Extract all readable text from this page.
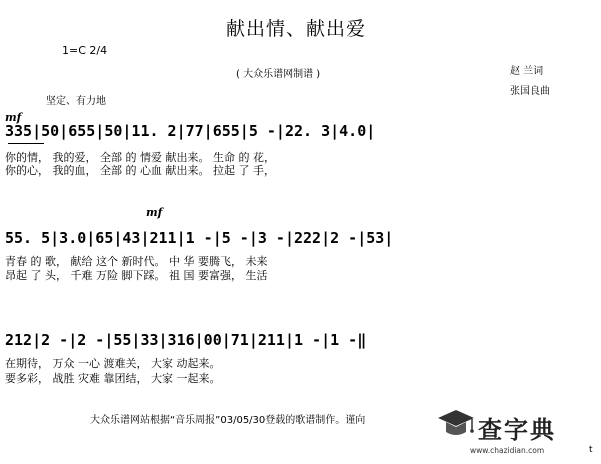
献出情、献出爱
1=C 2/4
( 大众乐谱网制谱 )	赵 兰词
张国良曲
坚定、有力地
mf
335|50|655|50|11. 2|77|655|5 -|22. 3|4.0|
你的情， 我的爱， 全部 的 情爱 献出来。 生命 的 花，
你的心， 我的血， 全部 的 心血 献出来。 拉起 了 手，
mf
55. 5|3.0|65|43|211|1 -|5 -|3 -|222|2 -|53|
青春 的 歌， 献给 这个 新时代。 中 华 要腾飞， 未来
昂起 了 头， 千难 万险 脚下踩。 祖 国 要富强， 生活
212|2 -|2 -|55|33|316|00|71|211|1 -|1 -‖
在期待， 万众 一心 渡难关， 大家 动起来。
要多彩， 战胜 灾难 靠团结， 大家 一起来。
大众乐谱网站根据“音乐周报”03/05/30登载的歌谱制作。谨向
t
查字典
www.chazidian.com
